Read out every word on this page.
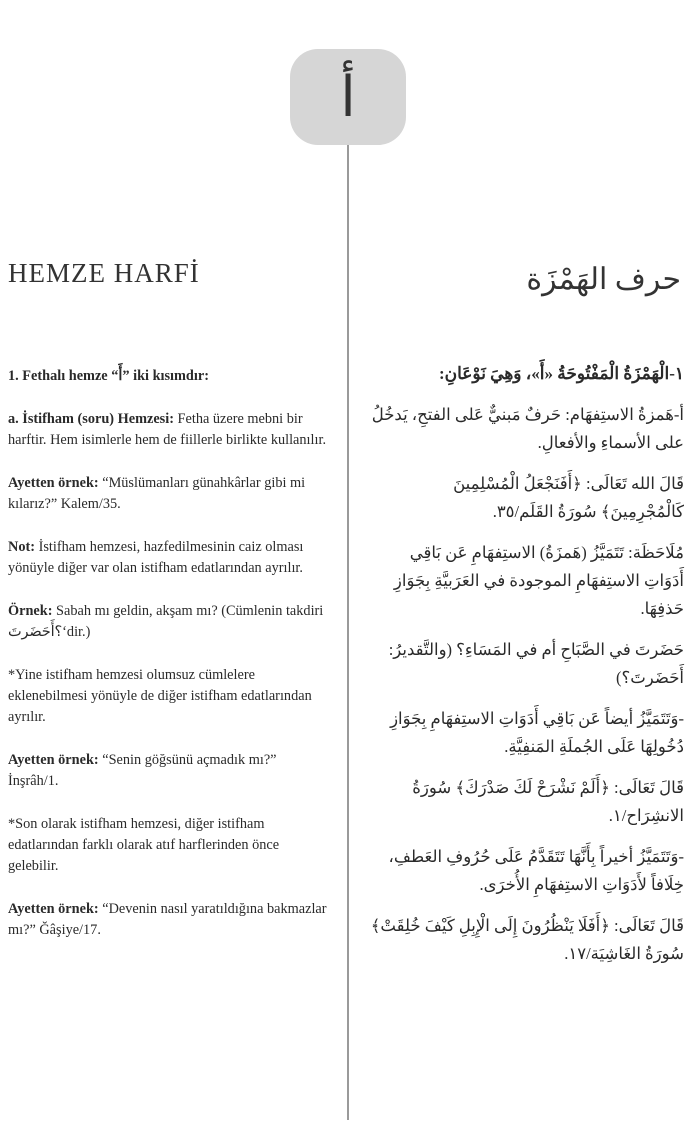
أ
HEMZE HARFİ	حرف الهَمْزَة

1. Fethalı hemze “أَ” iki kısımdır:

a. İstifham (soru) Hemzesi: Fetha üzere mebni bir harftir. Hem isimlerle hem de fiillerle birlikte kullanılır.

Ayetten örnek: “Müslümanları günahkârlar gibi mi kılarız?” Kalem/35.

Not: İstifham hemzesi, hazfedilmesinin caiz olması yönüyle diğer var olan istifham edatlarından ayrılır.

Örnek: Sabah mı geldin, akşam mı? (Cümlenin takdiri ؟أَحَضَرتَ‘dir.)

*Yine istifham hemzesi olumsuz cümlelere eklenebilmesi yönüyle de diğer istifham edatlarından ayrılır.

Ayetten örnek: “Senin göğsünü açmadık mı?” İnşrâh/1.

*Son olarak istifham hemzesi, diğer istifham edatlarından farklı olarak atıf harflerinden önce gelebilir.

Ayetten örnek: “Devenin nasıl yaratıldığına bakmazlar mı?” Ğâşiye/17.

١-الْهَمْزَةُ الْمَفْتُوحَةُ «أَ»، وَهِيَ نَوْعَانِ:

أ-هَمزةُ الاستِفهَام: حَرفٌ مَبنيٌّ عَلى الفتحِ، يَدخُلُ على الأسماءِ والأفعالِ.

قَالَ الله تَعَالَى: ﴿أَفَنَجْعَلُ الْمُسْلِمِينَ كَالْمُجْرِمِينَ﴾ سُورَةُ القَلَم/٣٥.

مُلَاحَظَة: تَتَمَيَّزُ (هَمزَةُ) الاستِفهَامِ عَن بَاقِي أَدَوَاتِ الاستِفهَامِ الموجودة في العَرَبيَّةِ بِجَوَازِ حَذفِهَا.

حَضَرتَ في الصَّبَاحِ أم في المَسَاءِ؟ (والتَّقديرُ: أَحَضَرتَ؟)

-وَتَتَمَيَّزُ أيضاً عَن بَاقِي أَدَوَاتِ الاستِفهَامِ بِجَوَازِ دُخُولِهَا عَلَى الجُملَةِ المَنفِيَّةِ.

قَالَ تَعَالَى: ﴿أَلَمْ نَشْرَحْ لَكَ صَدْرَكَ﴾ سُورَةُ الانشِرَاح/١.

-وَتَتَمَيَّزُ أخيراً بِأَنَّهَا تَتَقَدَّمُ عَلَى حُرُوفِ العَطفِ، خِلَافاً لأَدَوَاتِ الاستِفهَامِ الأُخرَى.

قَالَ تَعَالَى: ﴿أَفَلَا يَنْظُرُونَ إِلَى الْإِبِلِ كَيْفَ خُلِقَتْ﴾ سُورَةُ الغَاشِيَة/١٧.
